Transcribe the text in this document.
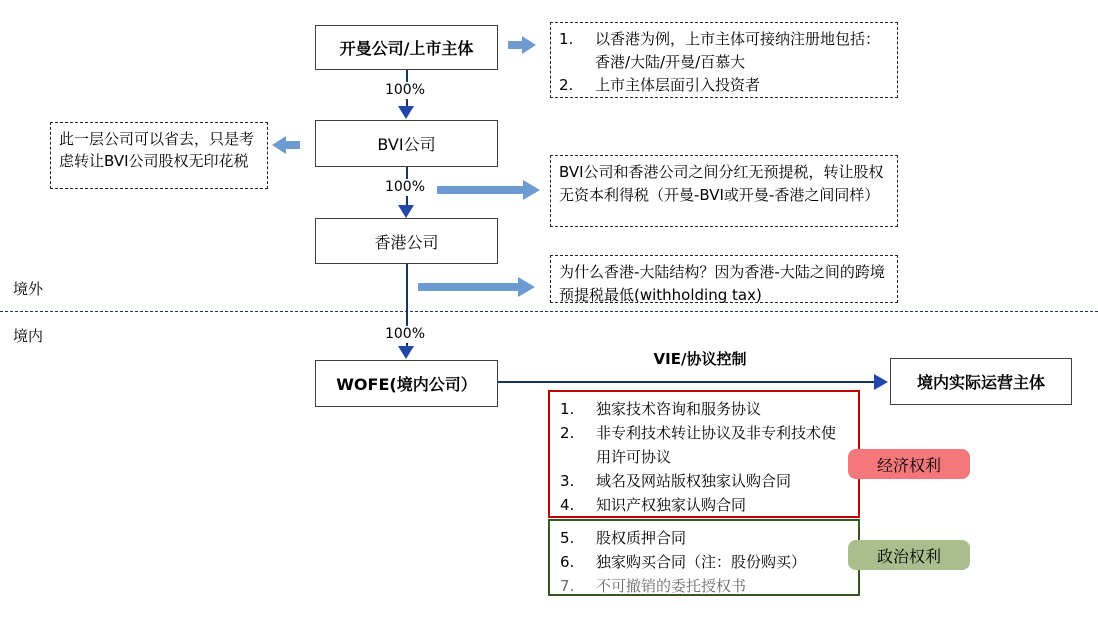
开曼公司/上市主体
BVI公司
香港公司
WOFE(境内公司）	境内实际运营主体
100%
100%
100%
境外
境内
1.	以香港为例，上市主体可接纳注册地包括：香港/大陆/开曼/百慕大
2.	上市主体层面引入投资者
此一层公司可以省去，只是考虑转让BVI公司股权无印花税
BVI公司和香港公司之间分红无预提税，转让股权无资本利得税（开曼-BVI或开曼-香港之间同样）
为什么香港-大陆结构？因为香港-大陆之间的跨境预提税最低(withholding tax)
VIE/协议控制
1.	独家技术咨询和服务协议
2.	非专利技术转让协议及非专利技术使用许可协议
3.	域名及网站版权独家认购合同
4.	知识产权独家认购合同
5.	股权质押合同
6.	独家购买合同（注：股份购买）
7.	不可撤销的委托授权书
经济权利
政治权利
